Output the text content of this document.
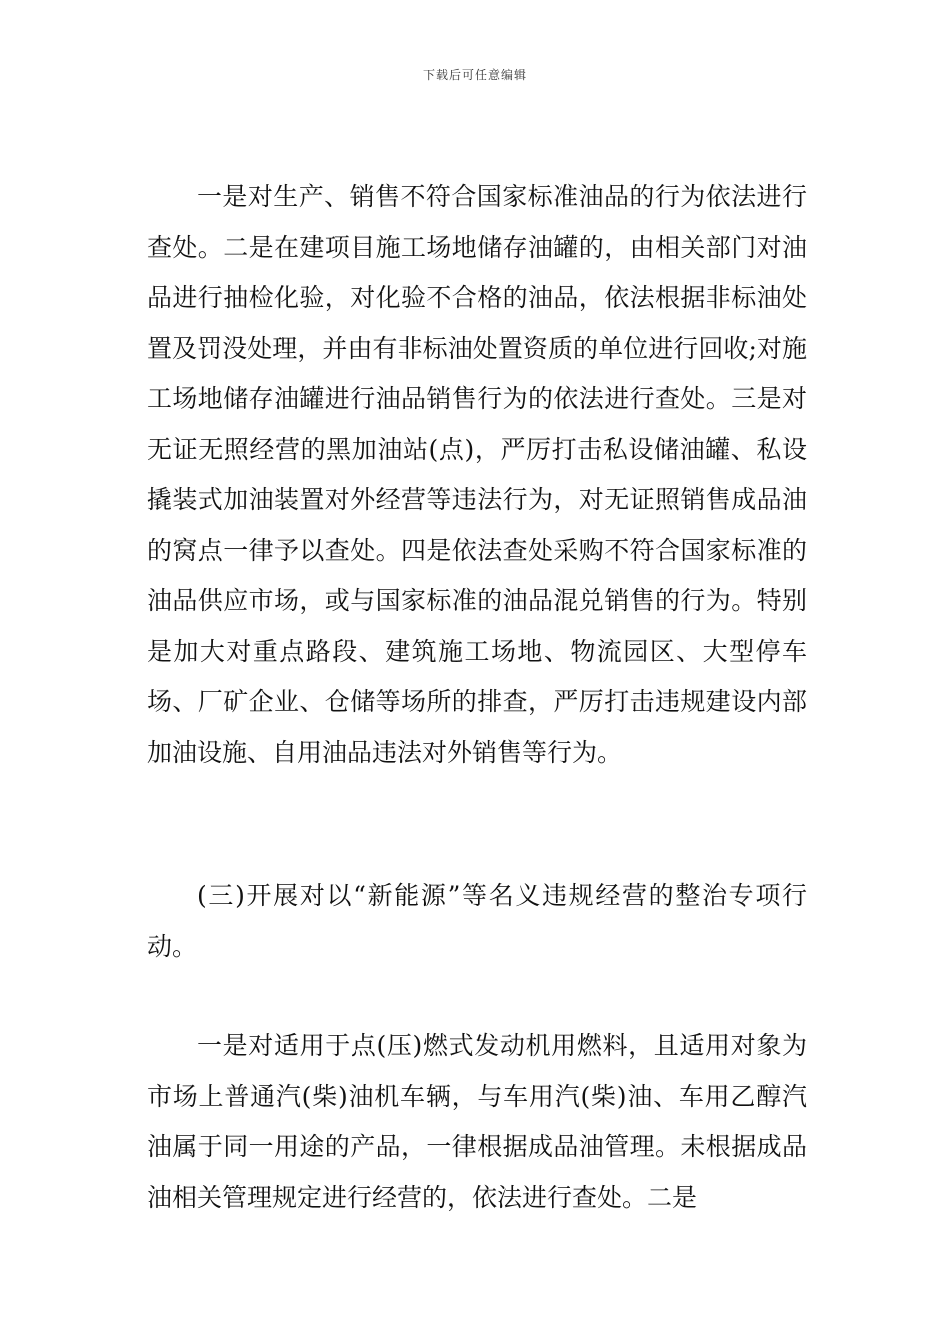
下载后可任意编辑

一是对生产、销售不符合国家标准油品的行为依法进行查处。二是在建项目施工场地储存油罐的，由相关部门对油品进行抽检化验，对化验不合格的油品，依法根据非标油处置及罚没处理，并由有非标油处置资质的单位进行回收;对施工场地储存油罐进行油品销售行为的依法进行查处。三是对无证无照经营的黑加油站(点)，严厉打击私设储油罐、私设撬装式加油装置对外经营等违法行为，对无证照销售成品油的窝点一律予以查处。四是依法查处采购不符合国家标准的油品供应市场，或与国家标准的油品混兑销售的行为。特别是加大对重点路段、建筑施工场地、物流园区、大型停车场、厂矿企业、仓储等场所的排查，严厉打击违规建设内部加油设施、自用油品违法对外销售等行为。

(三)开展对以“新能源”等名义违规经营的整治专项行动。

一是对适用于点(压)燃式发动机用燃料，且适用对象为市场上普通汽(柴)油机车辆，与车用汽(柴)油、车用乙醇汽油属于同一用途的产品，一律根据成品油管理。未根据成品油相关管理规定进行经营的，依法进行查处。二是
